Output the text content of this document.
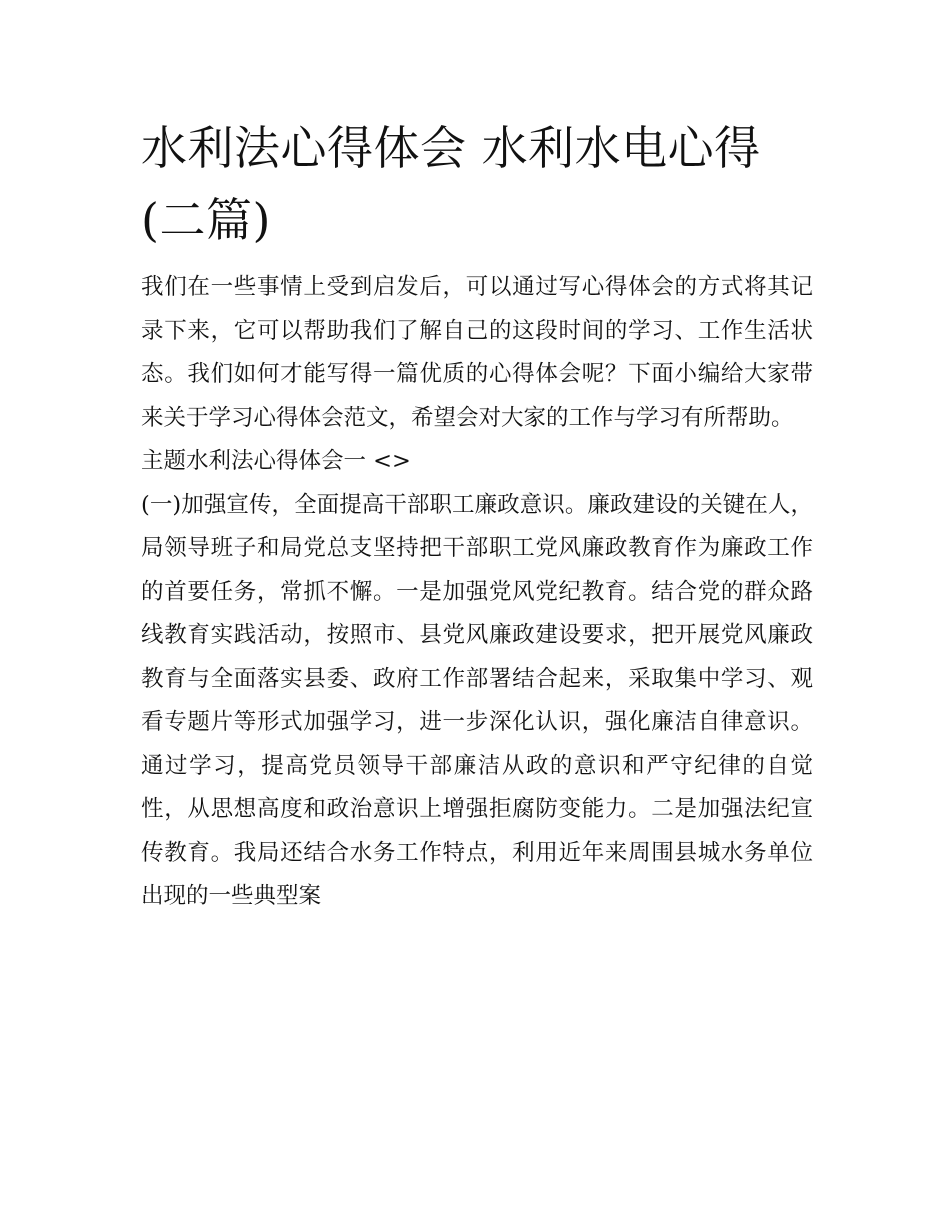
水利法心得体会 水利水电心得(二篇)

我们在一些事情上受到启发后，可以通过写心得体会的方式将其记录下来，它可以帮助我们了解自己的这段时间的学习、工作生活状态。我们如何才能写得一篇优质的心得体会呢？下面小编给大家带来关于学习心得体会范文，希望会对大家的工作与学习有所帮助。

主题水利法心得体会一 <>

(一)加强宣传，全面提高干部职工廉政意识。廉政建设的关键在人，局领导班子和局党总支坚持把干部职工党风廉政教育作为廉政工作的首要任务，常抓不懈。一是加强党风党纪教育。结合党的群众路线教育实践活动，按照市、县党风廉政建设要求，把开展党风廉政教育与全面落实县委、政府工作部署结合起来，采取集中学习、观看专题片等形式加强学习，进一步深化认识，强化廉洁自律意识。通过学习，提高党员领导干部廉洁从政的意识和严守纪律的自觉性，从思想高度和政治意识上增强拒腐防变能力。二是加强法纪宣传教育。我局还结合水务工作特点，利用近年来周围县城水务单位出现的一些典型案
